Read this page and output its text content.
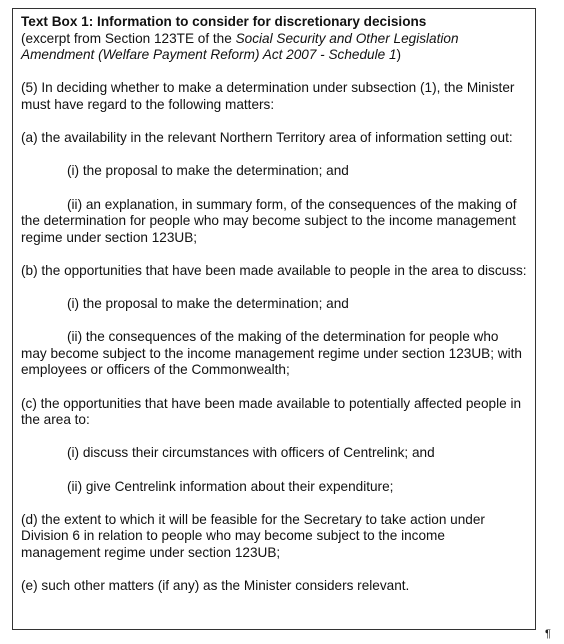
Text Box 1: Information to consider for discretionary decisions
(excerpt from Section 123TE of the Social Security and Other Legislation Amendment (Welfare Payment Reform) Act 2007 - Schedule 1)

(5) In deciding whether to make a determination under subsection (1), the Minister must have regard to the following matters:

(a) the availability in the relevant Northern Territory area of information setting out:

(i) the proposal to make the determination; and

(ii) an explanation, in summary form, of the consequences of the making of the determination for people who may become subject to the income management regime under section 123UB;

(b) the opportunities that have been made available to people in the area to discuss:

(i) the proposal to make the determination; and

(ii) the consequences of the making of the determination for people who may become subject to the income management regime under section 123UB; with employees or officers of the Commonwealth;

(c) the opportunities that have been made available to potentially affected people in the area to:

(i) discuss their circumstances with officers of Centrelink; and

(ii) give Centrelink information about their expenditure;

(d) the extent to which it will be feasible for the Secretary to take action under Division 6 in relation to people who may become subject to the income management regime under section 123UB;

(e) such other matters (if any) as the Minister considers relevant.

¶
